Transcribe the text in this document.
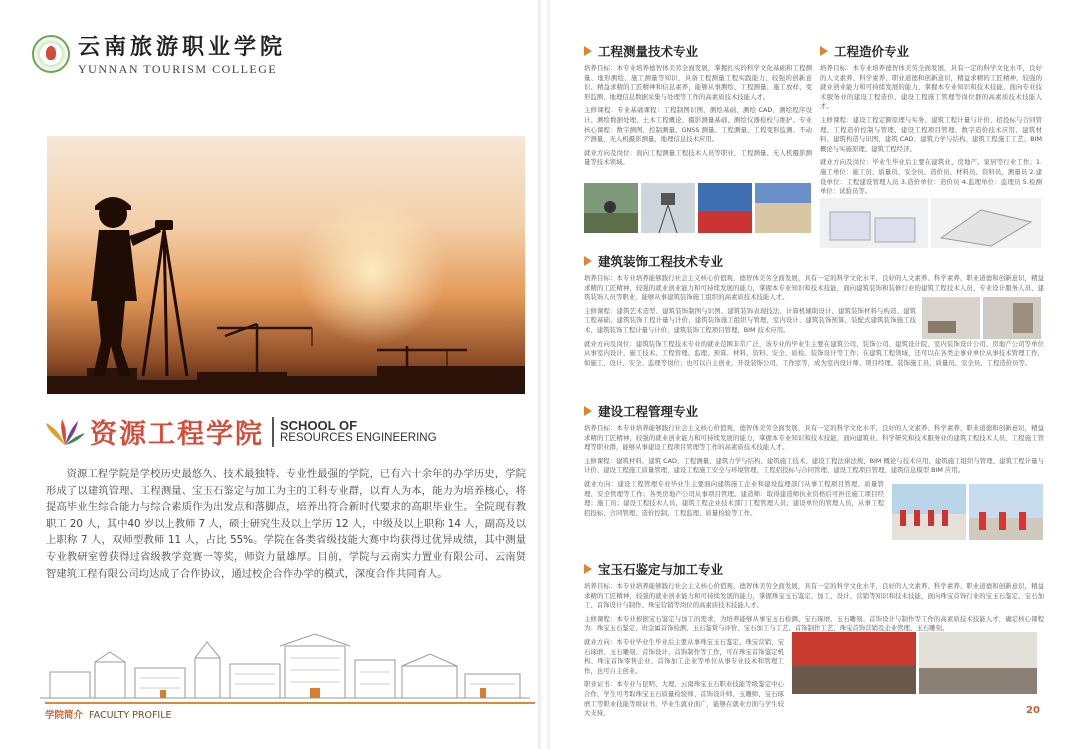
云南旅游职业学院
YUNNAN TOURISM COLLEGE
资源工程学院 SCHOOL OF
RESOURCES ENGINEERING

资源工程学院是学校历史最悠久、技术最独特、专业性最强的学院，已有六十余年的办学历史，学院形成了以建筑管理、工程测量、宝玉石鉴定与加工为主的工科专业群，以育人为本，能力为培养核心，将提高毕业生综合能力与综合素质作为出发点和落脚点，培养出符合新时代要求的高职毕业生。全院现有教职工 20 人，其中40 岁以上教师 7 人，硕士研究生及以上学历 12 人，中级及以上职称 14 人，副高及以上职称 7 人，双师型教师 11 人，占比 55%。学院在各类省级技能大赛中均获得过优异成绩，其中测量专业教研室曾获得过省级教学竞赛一等奖，师资力量雄厚。目前，学院与云南实力置业有限公司、云南贤智建筑工程有限公司均达成了合作协议，通过校企合作办学的模式，深度合作共同育人。

学院简介 FACULTY PROFILE
工程测量技术专业

培养目标：本专业培养德智体美劳全面发展，掌握扎实的科学文化基础和工程测量、地形测绘、施工测量等知识，具备工程测量工程实践能力、较强的创新意识、精益求精的工匠精神和信息素养，能够从事测绘、工程测量、施工放样、变形监测、地理信息数据采集与处理等工作的高素质技术技能人才。

主修课程：专业基础课程：工程制图识图、测绘基础、测绘 CAD、测绘程序设计、测绘数据处理、土木工程概论、摄影测量基础、测绘仪器检校与维护。专业核心课程：数字测图、控制测量、GNSS 测量、工程测量、工程变形监测、不动产测量、无人机摄影测量、地理信息技术应用。

就业方向及岗位：面向工程测量工程技术人员等职业，工程测量、无人机摄影测量等技术领域。

工程造价专业

培养目标：本专业培养德智体美劳全面发展，具有一定的科学文化水平，良好的人文素养、科学素养、职业道德和创新意识，精益求精的工匠精神，较强的就业创业能力和可持续发展的能力，掌握本专业知识和技术技能，面向专业技术服务业的建设工程造价、建设工程施工管理等岗位群的高素质技术技能人才。

主修课程：建设工程定额原理与实务、建筑工程计量与计价、招投标与合同管理、工程造价控制与管理、建设工程项目管理、数字造价技术应用、建筑材料、建筑构造与识图、建筑 CAD、建筑力学与结构、建筑工程施工工艺、BIM 概论与实施原理、建筑工程经济。

就业方向及岗位：毕业生毕业后主要在建筑业、房地产、家居等行业工作；1.施工单位：施工员、质量员、安全员、造价员、材料员、资料员、测量员 2.建设单位：工程建设管理人员 3.造价单位：造价员 4.监理单位：监理员 5.检测单位：试验员等。

建筑装饰工程技术专业

培养目标：本专业培养能够践行社会主义核心价值观，德智体美劳全面发展，具有一定的科学文化水平，良好的人文素养、科学素养、职业道德和创新意识，精益求精的工匠精神，较强的就业创业能力和可持续发展的能力，掌握本专业知识和技术技能，面向建筑装饰和装修行业的建筑工程技术人员、专业设计服务人员、建筑装饰人员等职业，能够从事建筑装饰施工组织的高素质技术技能人才。

主修课程：建筑艺术造型、建筑装饰制图与识图、建筑装饰表现技法、计算机辅助设计、建筑装饰材料与构造、建筑工程基础、建筑装饰工程计量与计价、建筑装饰施工组织与管理、室内设计、建筑装饰预算、装配式建筑装饰施工技术、建筑装饰工程计量与计价、建筑装饰工程项目管理、BIM 技术应用。

就业方向及岗位：建筑装饰工程技术专业的就业范围非常广泛，该专业的毕业生主要在建筑公司、装饰公司、建筑设计院、室内装饰设计公司、房地产公司等单位从事室内设计、施工技术、工程管理、监理、预算、材料、资料、安全、质检、装饰设计等工作；在建筑工程领域，还可以在各类企事业单位从事技术管理工作，如施工、设计、安全、监理等岗位；也可以自主创业，开设装饰公司、工作室等，成为室内设计师、项目经理、装饰施工员、质量员、安全员、工程造价员等。

建设工程管理专业

培养目标：本专业培养能够践行社会主义核心价值观，德智体美劳全面发展，具有一定的科学文化水平，良好的人文素养、科学素养、职业道德和创新意识，精益求精的工匠精神，较强的就业创业能力和可持续发展的能力，掌握本专业知识和技术技能，面向建筑业、科学研究和技术服务业的建筑工程技术人员、工程施工管理等职业群，能够从事建设工程项目管理等工作的高素质技术技能人才。

主修课程：建筑材料、建筑 CAD、工程测量、建筑力学与结构、建筑施工技术、建设工程法律法规、BIM 概论与技术应用、建筑施工组织与管理、建筑工程计量与计价、建设工程施工质量管理、建设工程施工安全与环境管理、工程招投标与合同管理、建设工程项目管理、建筑信息模型 BIM 应用。

就业方向：建设工程管理专业毕业生主要面向建筑施工企业和建设监理部门从事工程项目管理、质量管理、安全管理等工作；各类房地产公司从事项目管理。建造师：取得建造师执业资格后可担任施工项目经理；施工员；建设工程技术人员，建筑工程企业技术部门工程管理人员；建设单位的管理人员，从事工程招投标、合同管理、造价控制、工程监理、质量检验等工作。

宝玉石鉴定与加工专业

培养目标：本专业培养能够践行社会主义核心价值观，德智体美劳全面发展，具有一定的科学文化水平，良好的人文素养、科学素养、职业道德和创新意识，精益求精的工匠精神，较强的就业创业能力和可持续发展的能力，掌握珠宝玉石鉴定、加工、设计、营销等知识和技术技能，面向珠宝首饰行业的宝玉石鉴定、宝石加工、首饰设计与制作、珠宝营销等岗位的高素质技术技能人才。

主修课程：本专业根据宝石鉴定与加工的需求，为培养能够从事宝玉石检测、宝石琢磨、玉石雕刻、首饰设计与制作等工作的高素质技术技能人才，确定核心课程为：珠宝玉石鉴定、贵金属首饰检测、玉石鉴赏与评价、宝石加工与工艺、首饰制作工艺、珠宝首饰营销及企业管理、玉石雕刻。

就业方向：本专业毕业生毕业后主要从事珠宝玉石鉴定、珠宝营销、宝石琢磨、玉石雕刻、首饰设计、首饰制作等工作，可在珠宝首饰鉴定机构、珠宝首饰零售企业、首饰加工企业等单位从事专业技术和管理工作，也可自主创业。

职业证书：本专业与昆明、大理、云南珠宝玉石职业技能等级鉴定中心合作，学生可考取珠宝玉石质量检验师、首饰设计师、玉雕师、宝石琢磨工等职业技能等级证书，毕业生就业面广，能够在就业方面与学生较大支持。	20
